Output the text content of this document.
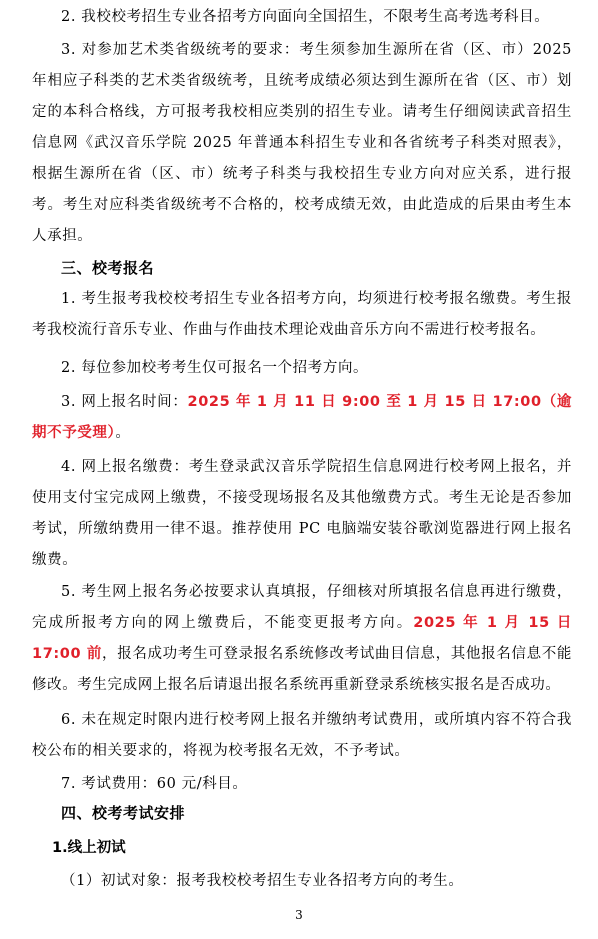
2. 我校校考招生专业各招考方向面向全国招生，不限考生高考选考科目。

3. 对参加艺术类省级统考的要求：考生须参加生源所在省（区、市）2025年相应子科类的艺术类省级统考，且统考成绩必须达到生源所在省（区、市）划定的本科合格线，方可报考我校相应类别的招生专业。请考生仔细阅读武音招生信息网《武汉音乐学院 2025 年普通本科招生专业和各省统考子科类对照表》，根据生源所在省（区、市）统考子科类与我校招生专业方向对应关系，进行报考。考生对应科类省级统考不合格的，校考成绩无效，由此造成的后果由考生本人承担。

三、校考报名

1. 考生报考我校校考招生专业各招考方向，均须进行校考报名缴费。考生报考我校流行音乐专业、作曲与作曲技术理论戏曲音乐方向不需进行校考报名。

2. 每位参加校考考生仅可报名一个招考方向。

3. 网上报名时间：2025 年 1 月 11 日 9:00 至 1 月 15 日 17:00（逾期不予受理）。

4. 网上报名缴费：考生登录武汉音乐学院招生信息网进行校考网上报名，并使用支付宝完成网上缴费，不接受现场报名及其他缴费方式。考生无论是否参加考试，所缴纳费用一律不退。推荐使用 PC 电脑端安装谷歌浏览器进行网上报名缴费。

5. 考生网上报名务必按要求认真填报，仔细核对所填报名信息再进行缴费，完成所报考方向的网上缴费后，不能变更报考方向。2025 年 1 月 15 日 17:00 前，报名成功考生可登录报名系统修改考试曲目信息，其他报名信息不能修改。考生完成网上报名后请退出报名系统再重新登录系统核实报名是否成功。

6. 未在规定时限内进行校考网上报名并缴纳考试费用，或所填内容不符合我校公布的相关要求的，将视为校考报名无效，不予考试。

7. 考试费用：60 元/科目。

四、校考考试安排

1.线上初试

（1）初试对象：报考我校校考招生专业各招考方向的考生。

3
